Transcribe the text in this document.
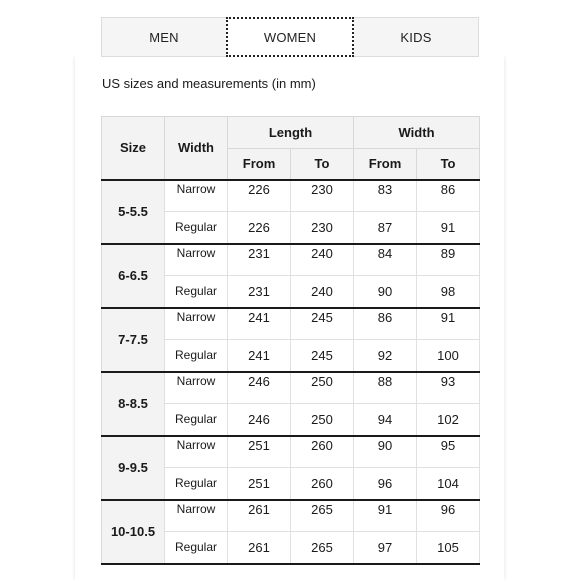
MEN	WOMEN	KIDS
US sizes and measurements (in mm)
Size	Width	Length		Width	
		From	To	From	To
5-5.5	Narrow	226	230	83	86
	Regular	226	230	87	91
6-6.5	Narrow	231	240	84	89
	Regular	231	240	90	98
7-7.5	Narrow	241	245	86	91
	Regular	241	245	92	100
8-8.5	Narrow	246	250	88	93
	Regular	246	250	94	102
9-9.5	Narrow	251	260	90	95
	Regular	251	260	96	104
10-10.5	Narrow	261	265	91	96
	Regular	261	265	97	105
